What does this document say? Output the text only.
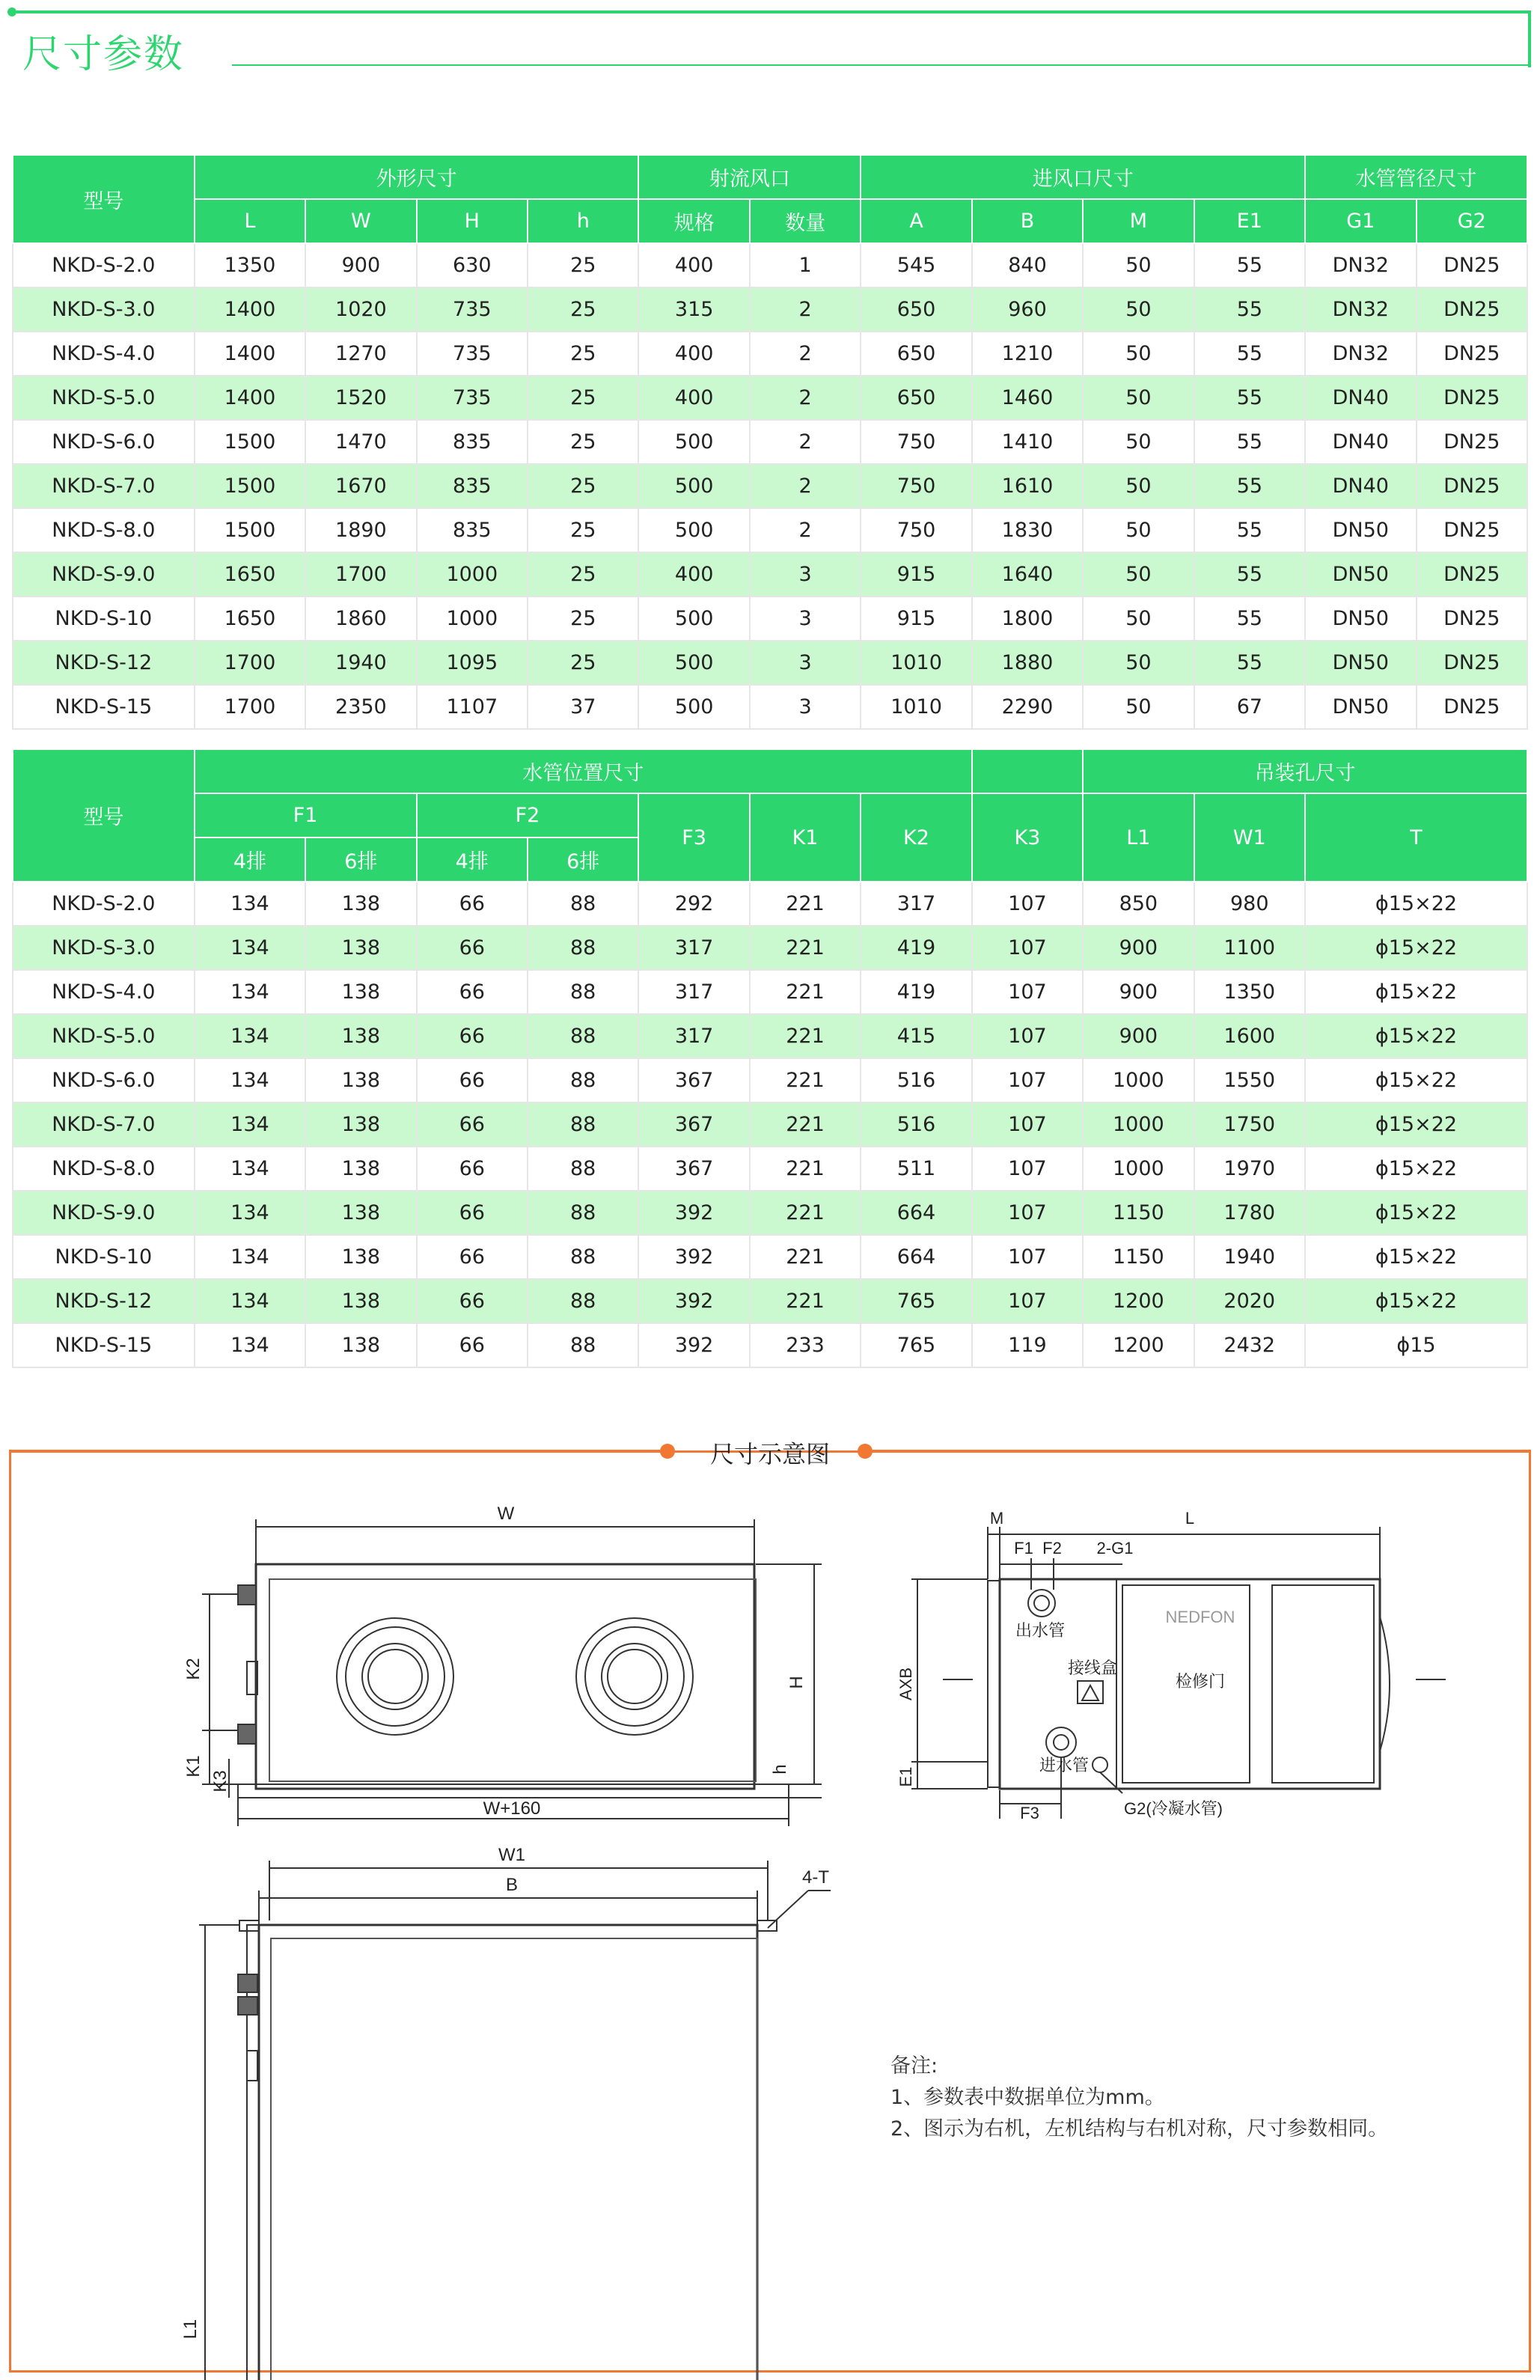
尺寸参数
型号	外形尺寸				射流风口		进风口尺寸				水管管径尺寸	
	L	W	H	h	规格	数量	A	B	M	E1	G1	G2
NKD-S-2.0	1350	900	630	25	400	1	545	840	50	55	DN32	DN25
NKD-S-3.0	1400	1020	735	25	315	2	650	960	50	55	DN32	DN25
NKD-S-4.0	1400	1270	735	25	400	2	650	1210	50	55	DN32	DN25
NKD-S-5.0	1400	1520	735	25	400	2	650	1460	50	55	DN40	DN25
NKD-S-6.0	1500	1470	835	25	500	2	750	1410	50	55	DN40	DN25
NKD-S-7.0	1500	1670	835	25	500	2	750	1610	50	55	DN40	DN25
NKD-S-8.0	1500	1890	835	25	500	2	750	1830	50	55	DN50	DN25
NKD-S-9.0	1650	1700	1000	25	400	3	915	1640	50	55	DN50	DN25
NKD-S-10	1650	1860	1000	25	500	3	915	1800	50	55	DN50	DN25
NKD-S-12	1700	1940	1095	25	500	3	1010	1880	50	55	DN50	DN25
NKD-S-15	1700	2350	1107	37	500	3	1010	2290	50	67	DN50	DN25
型号	水管位置尺寸								吊装孔尺寸		
	F1		F2		F3	K1	K2	K3	L1	W1	T
	4排	6排	4排	6排							
NKD-S-2.0	134	138	66	88	292	221	317	107	850	980	ϕ15×22
NKD-S-3.0	134	138	66	88	317	221	419	107	900	1100	ϕ15×22
NKD-S-4.0	134	138	66	88	317	221	419	107	900	1350	ϕ15×22
NKD-S-5.0	134	138	66	88	317	221	415	107	900	1600	ϕ15×22
NKD-S-6.0	134	138	66	88	367	221	516	107	1000	1550	ϕ15×22
NKD-S-7.0	134	138	66	88	367	221	516	107	1000	1750	ϕ15×22
NKD-S-8.0	134	138	66	88	367	221	511	107	1000	1970	ϕ15×22
NKD-S-9.0	134	138	66	88	392	221	664	107	1150	1780	ϕ15×22
NKD-S-10	134	138	66	88	392	221	664	107	1150	1940	ϕ15×22
NKD-S-12	134	138	66	88	392	221	765	107	1200	2020	ϕ15×22
NKD-S-15	134	138	66	88	392	233	765	119	1200	2432	ϕ15
尺寸示意图
W
H
h
K2
K1
K3
W+160
M	L
F1 F2 2-G1
出水管
接线盒
检修门
NEDFON
进水管
AXB
E1
F3	G2(冷凝水管)
W1
B	4-T
L1
备注:
1、参数表中数据单位为mm。
2、图示为右机，左机结构与右机对称，尺寸参数相同。
